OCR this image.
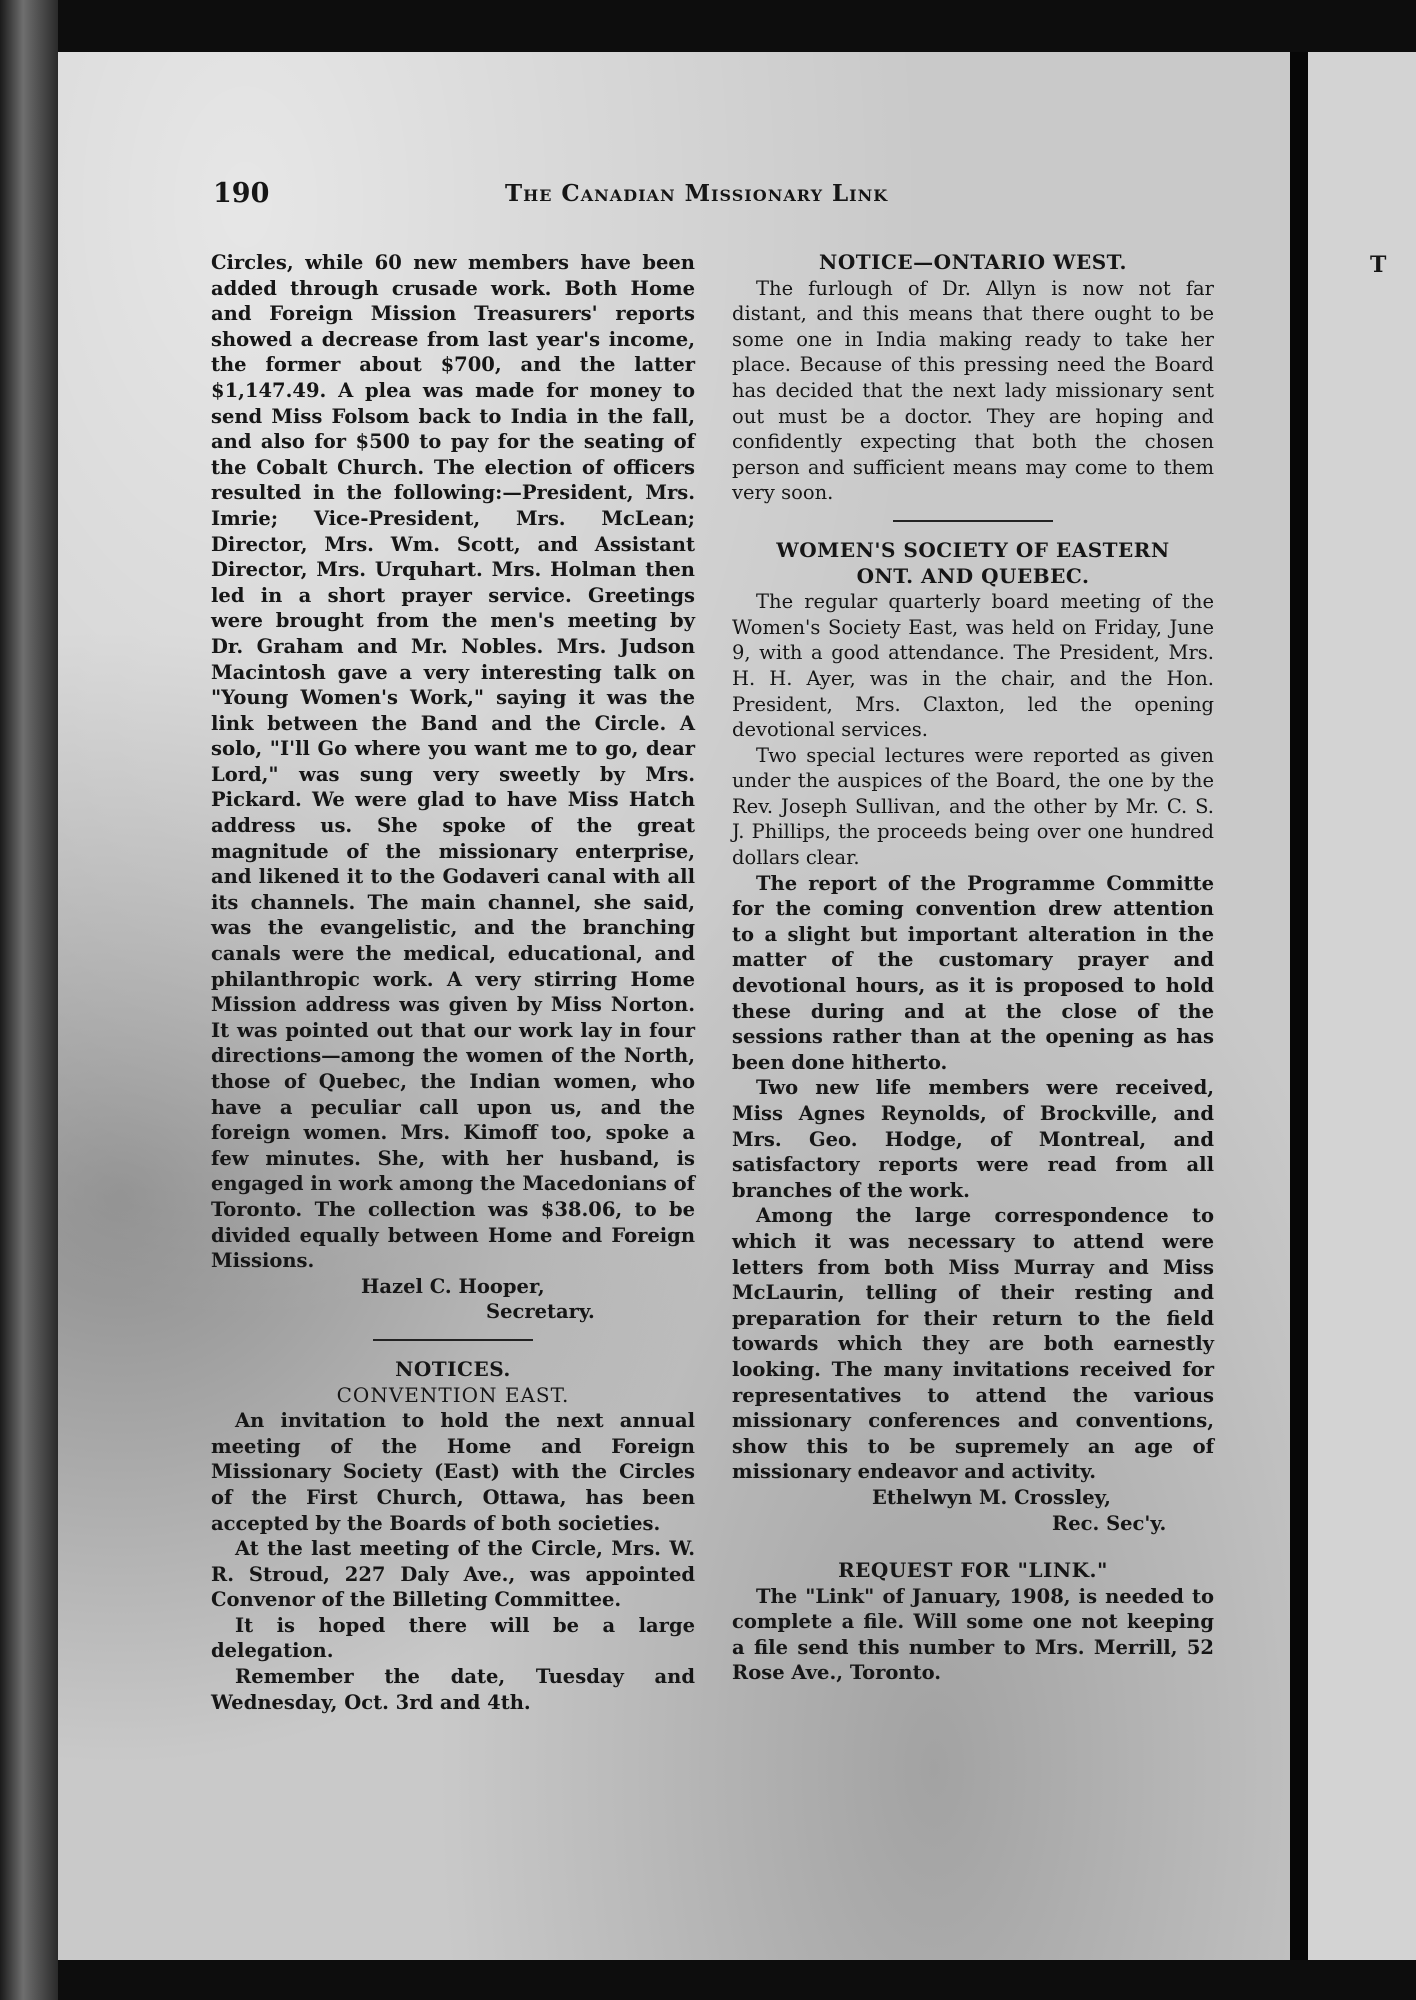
T
190	The Canadian Missionary Link

Circles, while 60 new members have been added through crusade work. Both Home and Foreign Mission Treasurers' reports showed a decrease from last year's income, the former about $700, and the latter $1,147.49. A plea was made for money to send Miss Folsom back to India in the fall, and also for $500 to pay for the seating of the Cobalt Church. The election of officers resulted in the following:—President, Mrs. Imrie; Vice-President, Mrs. McLean; Director, Mrs. Wm. Scott, and Assistant Director, Mrs. Urquhart. Mrs. Holman then led in a short prayer service. Greetings were brought from the men's meeting by Dr. Graham and Mr. Nobles. Mrs. Judson Macintosh gave a very interesting talk on "Young Women's Work," saying it was the link between the Band and the Circle. A solo, "I'll Go where you want me to go, dear Lord," was sung very sweetly by Mrs. Pickard. We were glad to have Miss Hatch address us. She spoke of the great magnitude of the missionary enterprise, and likened it to the Godaveri canal with all its channels. The main channel, she said, was the evangelistic, and the branching canals were the medical, educational, and philanthropic work. A very stirring Home Mission address was given by Miss Norton. It was pointed out that our work lay in four directions—among the women of the North, those of Quebec, the Indian women, who have a peculiar call upon us, and the foreign women. Mrs. Kimoff too, spoke a few minutes. She, with her husband, is engaged in work among the Macedonians of Toronto. The collection was $38.06, to be divided equally between Home and Foreign Missions.

Hazel C. Hooper,
Secretary.
NOTICES.
CONVENTION EAST.

An invitation to hold the next annual meeting of the Home and Foreign Missionary Society (East) with the Circles of the First Church, Ottawa, has been accepted by the Boards of both societies.

At the last meeting of the Circle, Mrs. W. R. Stroud, 227 Daly Ave., was appointed Convenor of the Billeting Committee.

It is hoped there will be a large delegation.

Remember the date, Tuesday and Wednesday, Oct. 3rd and 4th.

NOTICE—ONTARIO WEST.

The furlough of Dr. Allyn is now not far distant, and this means that there ought to be some one in India making ready to take her place. Because of this pressing need the Board has decided that the next lady missionary sent out must be a doctor. They are hoping and confidently expecting that both the chosen person and sufficient means may come to them very soon.

WOMEN'S SOCIETY OF EASTERN
ONT. AND QUEBEC.

The regular quarterly board meeting of the Women's Society East, was held on Friday, June 9, with a good attendance. The President, Mrs. H. H. Ayer, was in the chair, and the Hon. President, Mrs. Claxton, led the opening devotional services.

Two special lectures were reported as given under the auspices of the Board, the one by the Rev. Joseph Sullivan, and the other by Mr. C. S. J. Phillips, the proceeds being over one hundred dollars clear.

The report of the Programme Committe for the coming convention drew attention to a slight but important alteration in the matter of the customary prayer and devotional hours, as it is proposed to hold these during and at the close of the sessions rather than at the opening as has been done hitherto.

Two new life members were received, Miss Agnes Reynolds, of Brockville, and Mrs. Geo. Hodge, of Montreal, and satisfactory reports were read from all branches of the work.

Among the large correspondence to which it was necessary to attend were letters from both Miss Murray and Miss McLaurin, telling of their resting and preparation for their return to the field towards which they are both earnestly looking. The many invitations received for representatives to attend the various missionary conferences and conventions, show this to be supremely an age of missionary endeavor and activity.

Ethelwyn M. Crossley,
Rec. Sec'y.
REQUEST FOR "LINK."

The "Link" of January, 1908, is needed to complete a file. Will some one not keeping a file send this number to Mrs. Merrill, 52 Rose Ave., Toronto.
